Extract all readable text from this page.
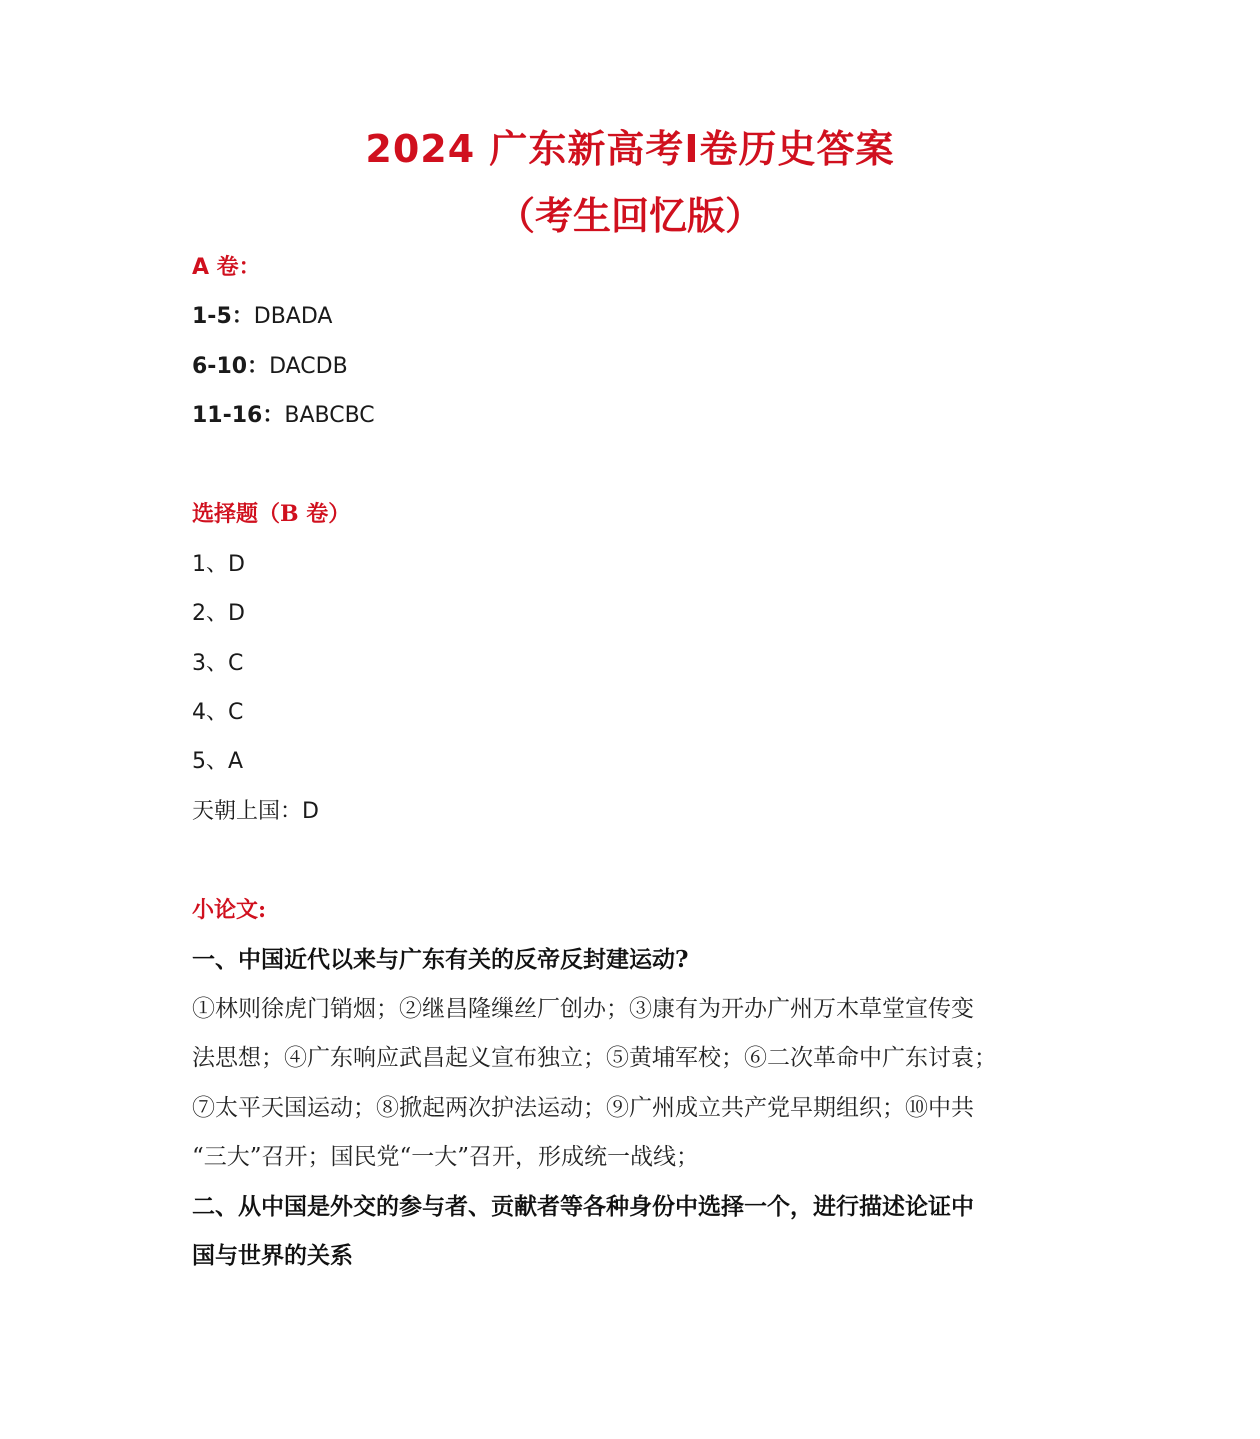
2024 广东新高考Ⅰ卷历史答案
（考生回忆版）
A 卷：
1-5：DBADA
6-10：DACDB
11-16：BABCBC
选择题（B 卷）
1、D
2、D
3、C
4、C
5、A
天朝上国：D
小论文:
一、中国近代以来与广东有关的反帝反封建运动?
①林则徐虎门销烟；②继昌隆缫丝厂创办；③康有为开办广州万木草堂宣传变
法思想；④广东响应武昌起义宣布独立；⑤黄埔军校；⑥二次革命中广东讨袁；
⑦太平天国运动；⑧掀起两次护法运动；⑨广州成立共产党早期组织；⑩中共
“三大”召开；国民党“一大”召开，形成统一战线；
二、从中国是外交的参与者、贡献者等各种身份中选择一个，进行描述论证中
国与世界的关系
